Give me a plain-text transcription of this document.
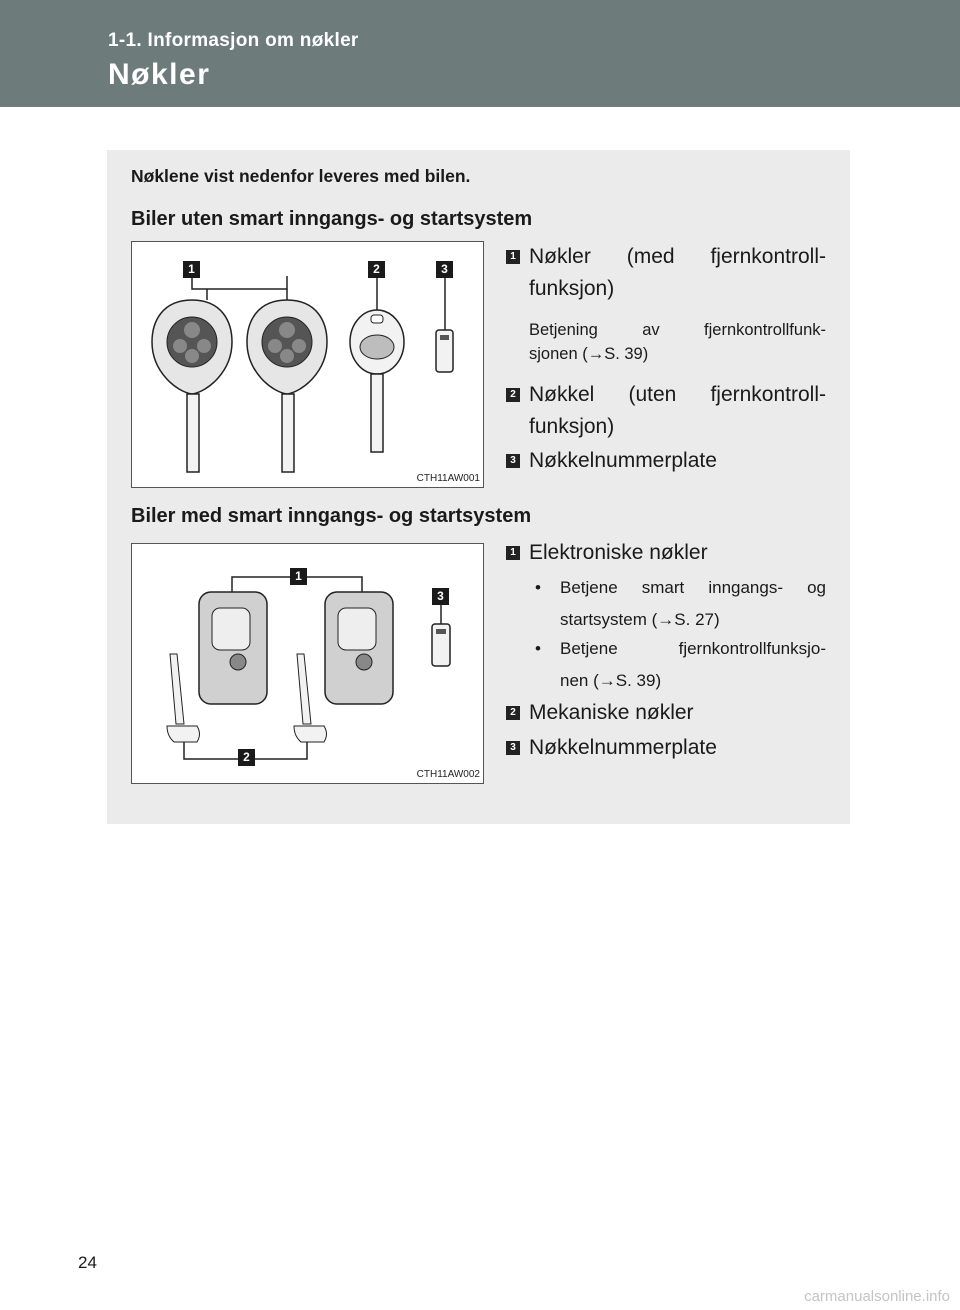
1-1. Informasjon om nøkler
Nøkler
Nøklene vist nedenfor leveres med bilen.
Biler uten smart inngangs- og startsystem
1	2	3
CTH11AW001
1 Nøkler (med fjernkontroll-
funksjon)
Betjening av fjernkontrollfunk-
sjonen (→S. 39)
2 Nøkkel (uten fjernkontroll-
funksjon)
3 Nøkkelnummerplate
Biler med smart inngangs- og startsystem
1
2
3
CTH11AW002
1 Elektroniske nøkler
• Betjene smart inngangs- og
startsystem (→S. 27)
• Betjene fjernkontrollfunksjo-
nen (→S. 39)
2 Mekaniske nøkler
3 Nøkkelnummerplate
24
carmanualsonline.info
